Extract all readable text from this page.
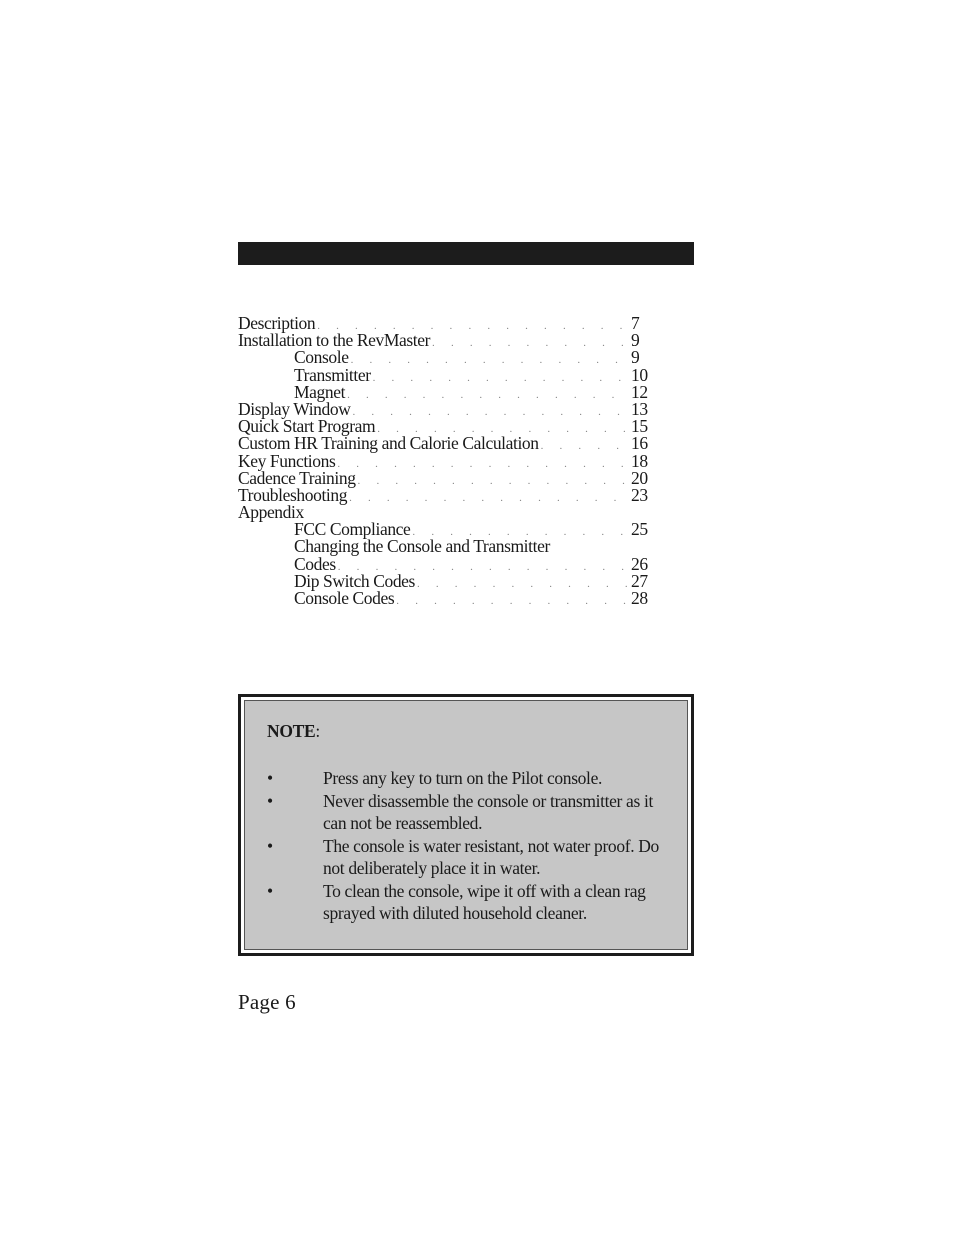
Description . . .	7
Installation to the RevMaster . . .	9
Console . . .	9
Transmitter . . .	10
Magnet . . .	12
Display Window . . .	13
Quick Start Program . . .	15
Custom HR Training and Calorie Calculation . . .	16
Key Functions . . .	18
Cadence Training . . .	20
Troubleshooting . . .	23
Appendix
FCC Compliance . . .	25
Changing the Console and Transmitter
Codes . . .	26
Dip Switch Codes . . .	27
Console Codes . . .	28
NOTE:
•	Press any key to turn on the Pilot console.
•	Never disassemble the console or transmitter as it can not be reassembled.
•	The console is water resistant, not water proof. Do not deliberately place it in water.
•	To clean the console, wipe it off with a clean rag sprayed with diluted household cleaner.
Page 6
